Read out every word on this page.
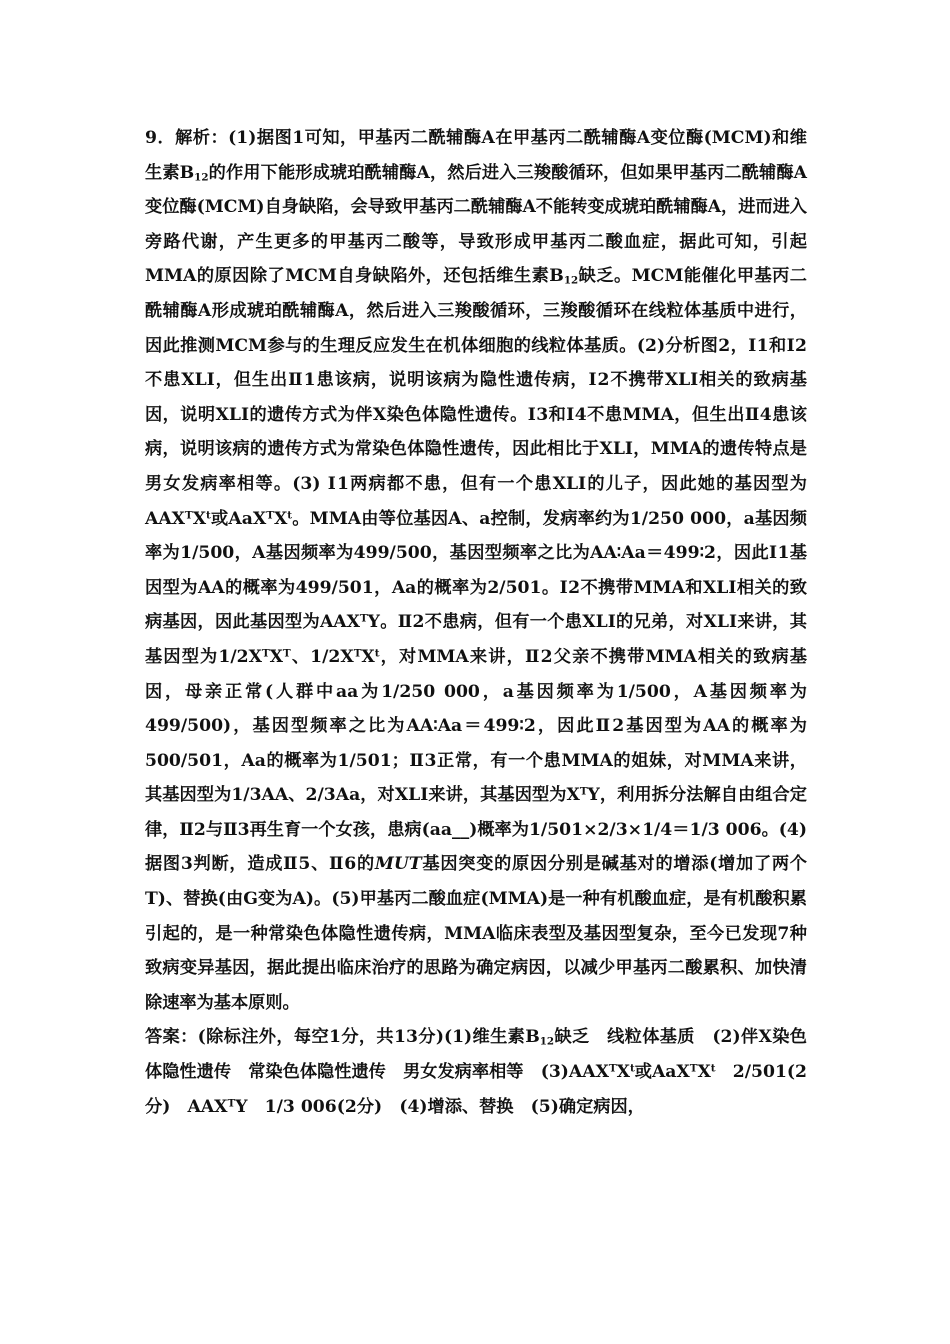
9．解析：(1)据图1可知，甲基丙二酰辅酶A在甲基丙二酰辅酶A变位酶(MCM)和维生素$B_{12}$的作用下能形成琥珀酰辅酶A，然后进入三羧酸循环，但如果甲基丙二酰辅酶A变位酶(MCM)自身缺陷，会导致甲基丙二酰辅酶A不能转变成琥珀酰辅酶A，进而进入旁路代谢，产生更多的甲基丙二酸等，导致形成甲基丙二酸血症，据此可知，引起MMA的原因除了MCM自身缺陷外，还包括维生素$B_{12}$缺乏。MCM能催化甲基丙二酰辅酶A形成琥珀酰辅酶A，然后进入三羧酸循环，三羧酸循环在线粒体基质中进行，因此推测MCM参与的生理反应发生在机体细胞的线粒体基质。(2)分析图2，Ⅰ1和Ⅰ2不患XLI，但生出Ⅱ1患该病，说明该病为隐性遗传病，Ⅰ2不携带XLI相关的致病基因，说明XLI的遗传方式为伴X染色体隐性遗传。Ⅰ3和Ⅰ4不患MMA，但生出Ⅱ4患该病，说明该病的遗传方式为常染色体隐性遗传，因此相比于XLI，MMA的遗传特点是男女发病率相等。(3) Ⅰ1两病都不患，但有一个患XLI的儿子，因此她的基因型为$AAX^TX^t$或$AaX^TX^t$。MMA由等位基因A、a控制，发病率约为1/250 000，a基因频率为1/500，A基因频率为499/500，基因型频率之比为AA∶Aa＝499∶2，因此Ⅰ1基因型为AA的概率为499/501，Aa的概率为2/501。Ⅰ2不携带MMA和XLI相关的致病基因，因此基因型为$AAX^TY$。Ⅱ2不患病，但有一个患XLI的兄弟，对XLI来讲，其基因型为$1/2X^TX^T$、$1/2X^TX^t$，对MMA来讲，Ⅱ2父亲不携带MMA相关的致病基因，母亲正常(人群中aa为1/250 000，a基因频率为1/500，A基因频率为499/500)，基因型频率之比为AA∶Aa＝499∶2，因此Ⅱ2基因型为AA的概率为500/501，Aa的概率为1/501；Ⅱ3正常，有一个患MMA的姐妹，对MMA来讲，其基因型为1/3AA、2/3Aa，对XLI来讲，其基因型为$X^TY$，利用拆分法解自由组合定律，Ⅱ2与Ⅱ3再生育一个女孩，患病(aa__)概率为1/501×2/3×1/4＝1/3 006。(4)据图3判断，造成Ⅱ5、Ⅱ6的MUT基因突变的原因分别是碱基对的增添(增加了两个T)、替换(由G变为A)。(5)甲基丙二酸血症(MMA)是一种有机酸血症，是有机酸积累引起的，是一种常染色体隐性遗传病，MMA临床表型及基因型复杂，至今已发现7种致病变异基因，据此提出临床治疗的思路为确定病因，以减少甲基丙二酸累积、加快清除速率为基本原则。

答案：(除标注外，每空1分，共13分)(1)维生素$B_{12}$缺乏　线粒体基质　(2)伴X染色体隐性遗传　常染色体隐性遗传　男女发病率相等　$(3)AAX^TX^t$或$AaX^TX^t$　2/501(2分)　$AAX^TY$　1/3 006(2分)　(4)增添、替换　(5)确定病因，
